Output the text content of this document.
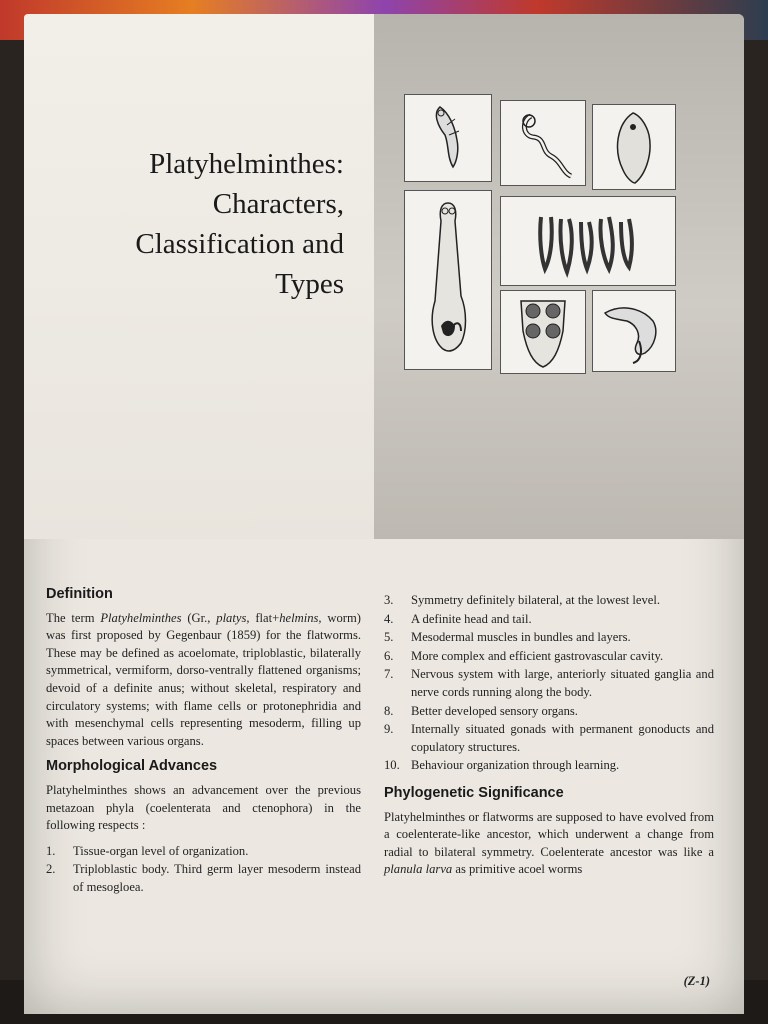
Platyhelminthes:
Characters,
Classification and
Types
Definition

The term Platyhelminthes (Gr., platys, flat+helmins, worm) was first proposed by Gegenbaur (1859) for the flatworms. These may be defined as acoelomate, triploblastic, bilaterally symmetrical, vermiform, dorso-ventrally flattened organisms; devoid of a definite anus; without skeletal, respiratory and circulatory systems; with flame cells or protonephridia and with mesenchymal cells representing mesoderm, filling up spaces between various organs.

Morphological Advances

Platyhelminthes shows an advancement over the previous metazoan phyla (coelenterata and ctenophora) in the following respects :

1. Tissue-organ level of organization.
2. Triploblastic body. Third germ layer mesoderm instead of mesogloea.
3. Symmetry definitely bilateral, at the lowest level.
4. A definite head and tail.
5. Mesodermal muscles in bundles and layers.
6. More complex and efficient gastrovascular cavity.
7. Nervous system with large, anteriorly situated ganglia and nerve cords running along the body.
8. Better developed sensory organs.
9. Internally situated gonads with permanent gonoducts and copulatory structures.
10. Behaviour organization through learning.
Phylogenetic Significance

Platyhelminthes or flatworms are supposed to have evolved from a coelenterate-like ancestor, which underwent a change from radial to bilateral symmetry. Coelenterate ancestor was like a planula larva as primitive acoel worms

(Z-1)
